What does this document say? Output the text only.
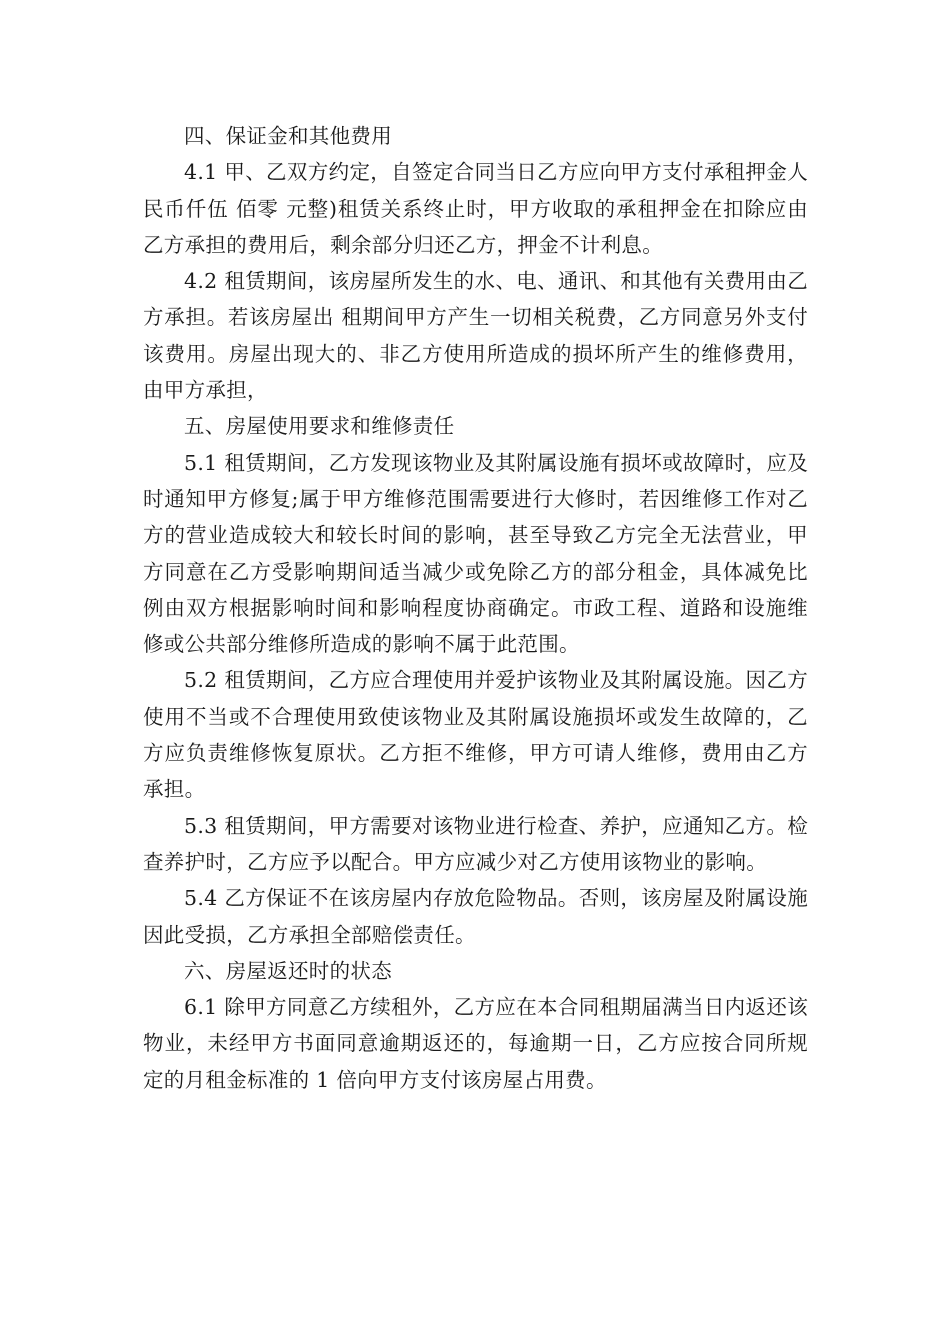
四、保证金和其他费用

4.1 甲、乙双方约定，自签定合同当日乙方应向甲方支付承租押金人民币仟伍 佰零 元整)租赁关系终止时，甲方收取的承租押金在扣除应由乙方承担的费用后，剩余部分归还乙方，押金不计利息。

4.2 租赁期间，该房屋所发生的水、电、通讯、和其他有关费用由乙方承担。若该房屋出 租期间甲方产生一切相关税费，乙方同意另外支付该费用。房屋出现大的、非乙方使用所造成的损坏所产生的维修费用，由甲方承担，

五、房屋使用要求和维修责任

5.1 租赁期间，乙方发现该物业及其附属设施有损坏或故障时，应及时通知甲方修复;属于甲方维修范围需要进行大修时，若因维修工作对乙方的营业造成较大和较长时间的影响，甚至导致乙方完全无法营业，甲方同意在乙方受影响期间适当减少或免除乙方的部分租金，具体减免比例由双方根据影响时间和影响程度协商确定。市政工程、道路和设施维修或公共部分维修所造成的影响不属于此范围。

5.2 租赁期间，乙方应合理使用并爱护该物业及其附属设施。因乙方使用不当或不合理使用致使该物业及其附属设施损坏或发生故障的，乙方应负责维修恢复原状。乙方拒不维修，甲方可请人维修，费用由乙方承担。

5.3 租赁期间，甲方需要对该物业进行检查、养护，应通知乙方。检查养护时，乙方应予以配合。甲方应减少对乙方使用该物业的影响。

5.4 乙方保证不在该房屋内存放危险物品。否则，该房屋及附属设施因此受损，乙方承担全部赔偿责任。

六、房屋返还时的状态

6.1 除甲方同意乙方续租外，乙方应在本合同租期届满当日内返还该物业，未经甲方书面同意逾期返还的，每逾期一日，乙方应按合同所规定的月租金标准的 1 倍向甲方支付该房屋占用费。
